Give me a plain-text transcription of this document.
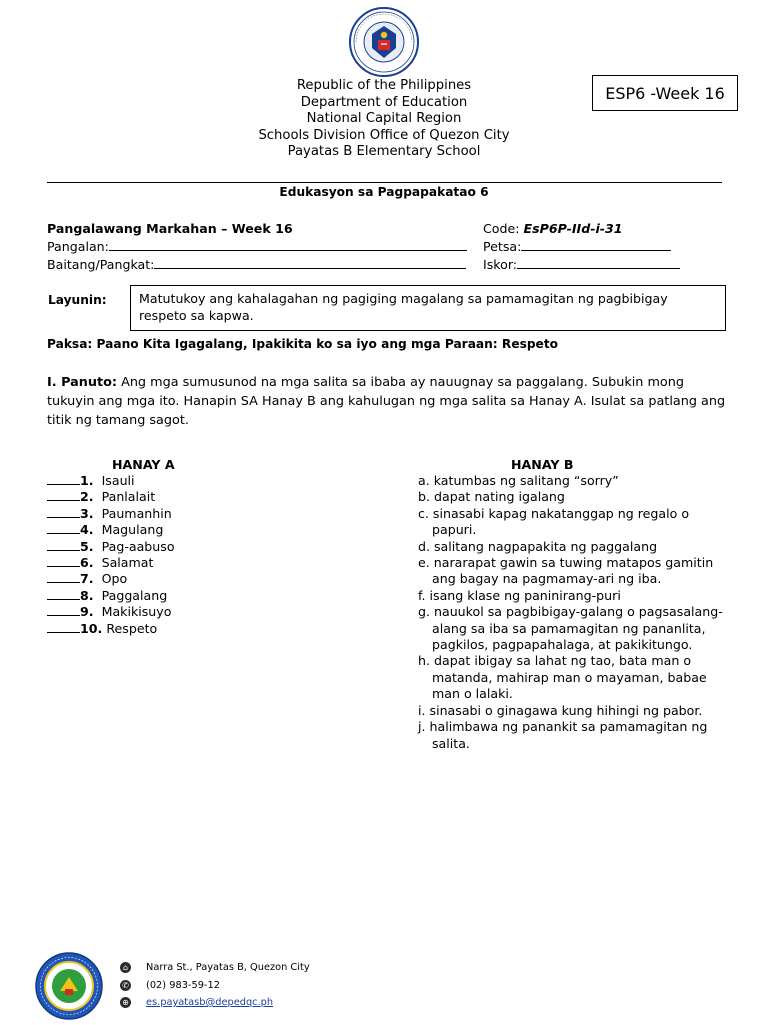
Republic of the Philippines
Department of Education
National Capital Region
Schools Division Office of Quezon City
Payatas B Elementary School
ESP6 -Week 16
Edukasyon sa Pagpapakatao 6
Pangalawang Markahan – Week 16	Code: EsP6P-IId-i-31
Pangalan:	Petsa:
Baitang/Pangkat:	Iskor:
Layunin:	Matutukoy ang kahalagahan ng pagiging magalang sa pamamagitan ng pagbibigay respeto sa kapwa.
Paksa: Paano Kita Igagalang, Ipakikita ko sa iyo ang mga Paraan: Respeto
I. Panuto: Ang mga sumusunod na mga salita sa ibaba ay nauugnay sa paggalang. Subukin mong tukuyin ang mga ito. Hanapin SA Hanay B ang kahulugan ng mga salita sa Hanay A. Isulat sa patlang ang titik ng tamang sagot.
HANAY A
1. Isauli
2. Panlalait
3. Paumanhin
4. Magulang
5. Pag-aabuso
6. Salamat
7. Opo
8. Paggalang
9. Makikisuyo
10. Respeto
HANAY B
a. katumbas ng salitang “sorry”
b. dapat nating igalang
c. sinasabi kapag nakatanggap ng regalo o papuri.
d. salitang nagpapakita ng paggalang
e. nararapat gawin sa tuwing matapos gamitin ang bagay na pagmamay-ari ng iba.
f. isang klase ng paninirang-puri
g. nauukol sa pagbibigay-galang o pagsasalang-alang sa iba sa pamamagitan ng pananlita, pagkilos, pagpapahalaga, at pakikitungo.
h. dapat ibigay sa lahat ng tao, bata man o matanda, mahirap man o mayaman, babae man o lalaki.
i. sinasabi o ginagawa kung hihingi ng pabor.
j. halimbawa ng panankit sa pamamagitan ng salita.
⌂	Narra St., Payatas B, Quezon City
✆ (02) 983-59-12
⊕ es.payatasb@depedqc.ph
